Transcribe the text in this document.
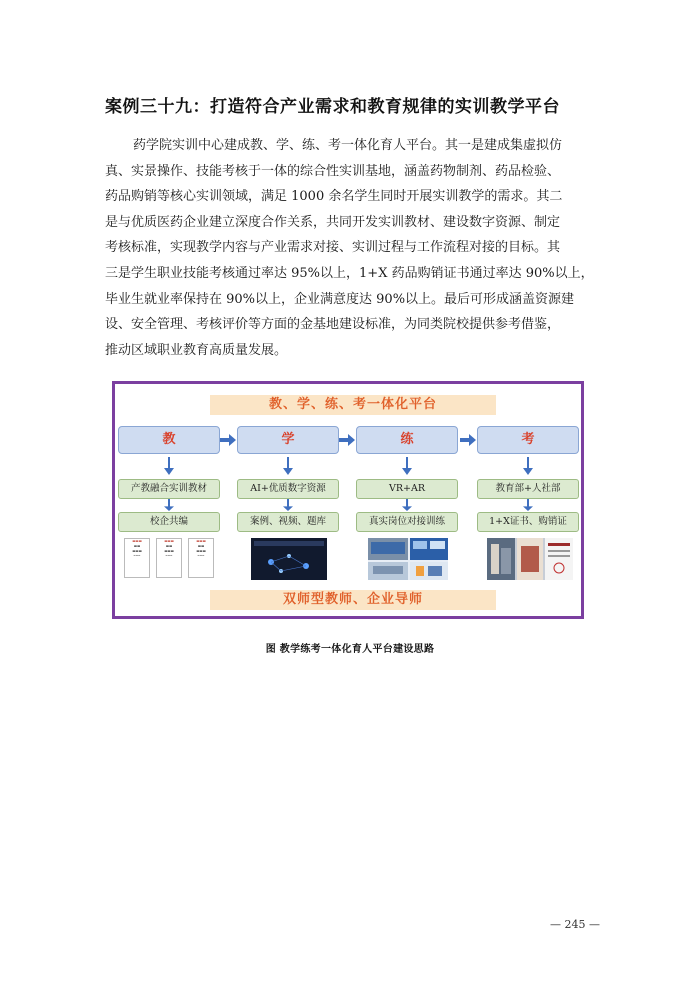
案例三十九：打造符合产业需求和教育规律的实训教学平台

药学院实训中心建成教、学、练、考一体化育人平台。其一是建成集虚拟仿
真、实景操作、技能考核于一体的综合性实训基地，涵盖药物制剂、药品检验、
药品购销等核心实训领域，满足 1000 余名学生同时开展实训教学的需求。其二
是与优质医药企业建立深度合作关系，共同开发实训教材、建设数字资源、制定
考核标准，实现教学内容与产业需求对接、实训过程与工作流程对接的目标。其
三是学生职业技能考核通过率达 95%以上，1+X 药品购销证书通过率达 90%以上，
毕业生就业率保持在 90%以上，企业满意度达 90%以上。最后可形成涵盖资源建
设、安全管理、考核评价等方面的金基地建设标准，为同类院校提供参考借鉴，
推动区域职业教育高质量发展。

教、学、练、考一体化平台
教	学	练	考
产教融合实训教材	AI+优质数字资源	VR+AR	教育部+人社部
校企共编	案例、视频、题库	真实岗位对接训练	1+X证书、购销证
▬▬▬
▬▬
▬▬▬
▬▬▬
▬▬▬
▬▬
▬▬▬
▬▬▬
▬▬▬
▬▬
▬▬▬
▬▬▬
双师型教师、企业导师
图 教学练考一体化育人平台建设思路
— 245 —
